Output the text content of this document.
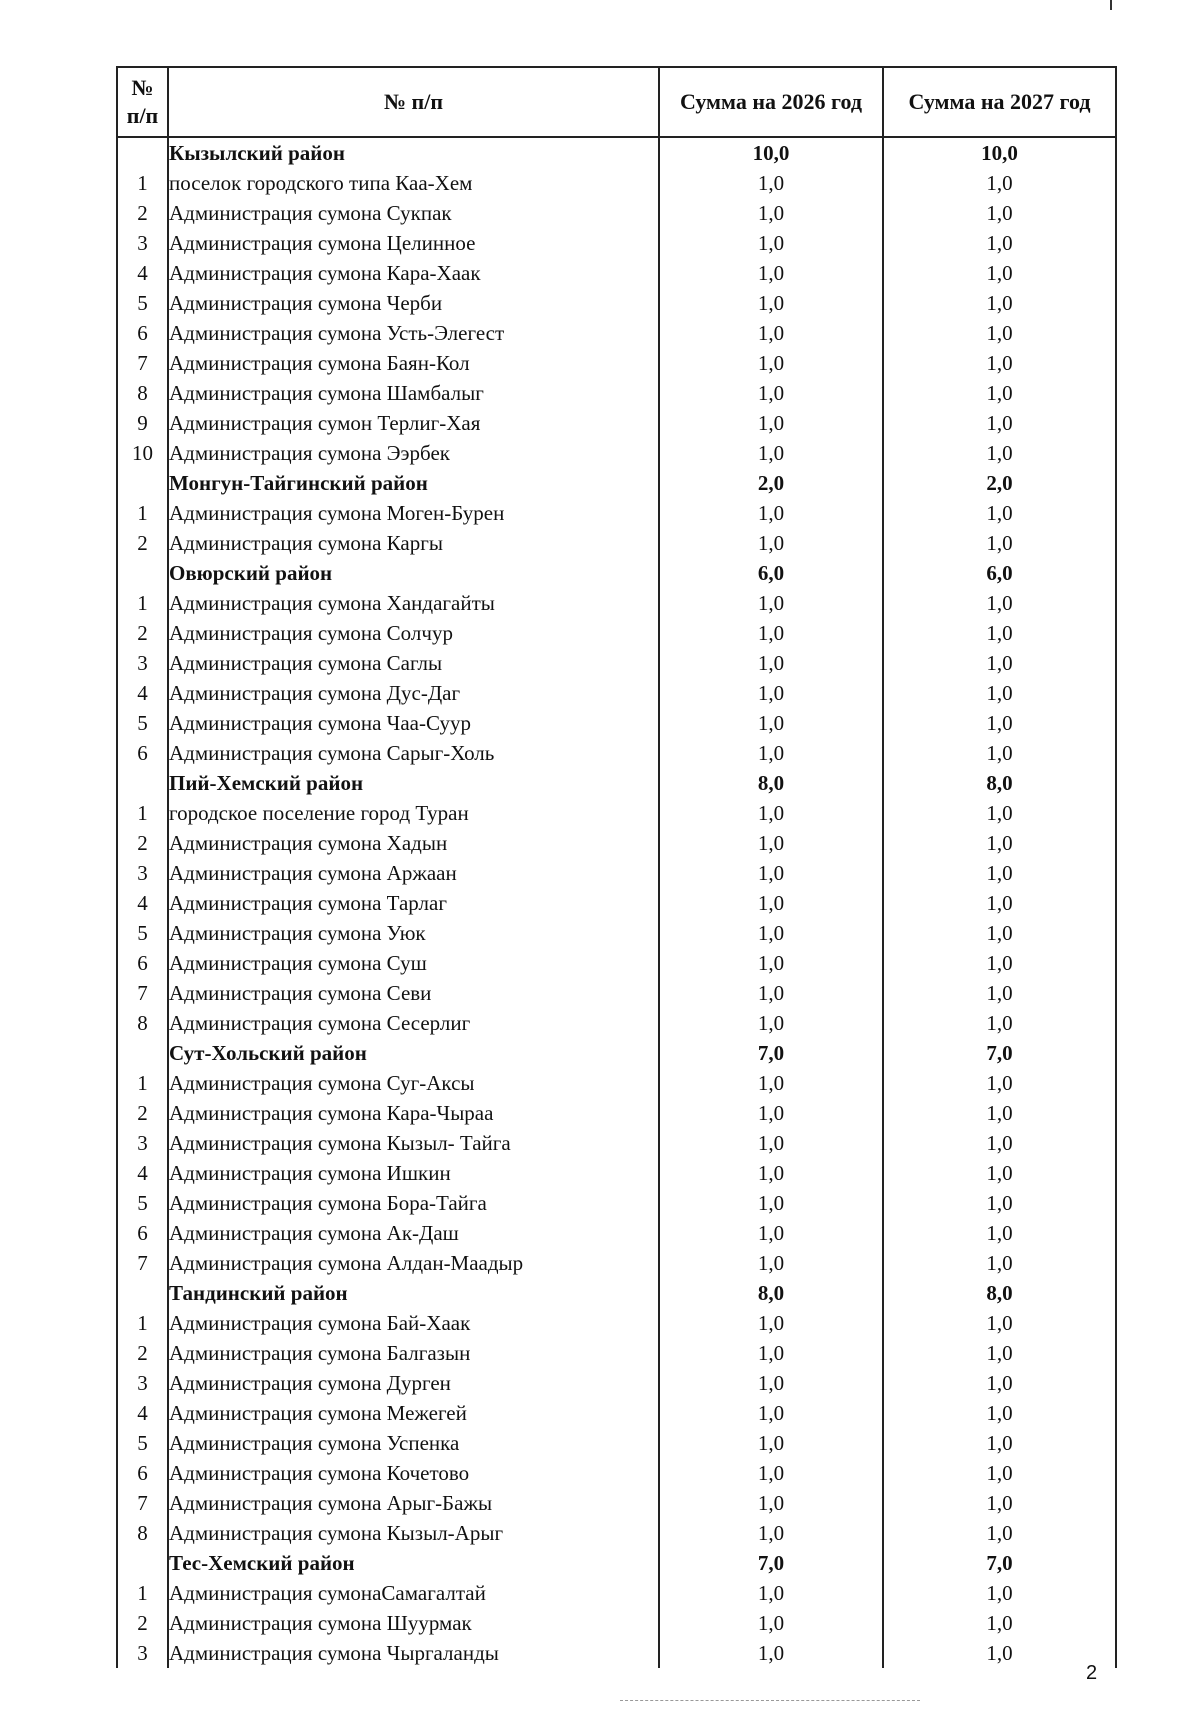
№
п/п	№ п/п	Сумма на 2026 год	Сумма на 2027 год
	Кызылский район	10,0	10,0
1	поселок городского типа Каа-Хем	1,0	1,0
2	Администрация сумона Сукпак	1,0	1,0
3	Администрация сумона Целинное	1,0	1,0
4	Администрация сумона Кара-Хаак	1,0	1,0
5	Администрация сумона Черби	1,0	1,0
6	Администрация сумона Усть-Элегест	1,0	1,0
7	Администрация сумона Баян-Кол	1,0	1,0
8	Администрация сумона Шамбалыг	1,0	1,0
9	Администрация сумон Терлиг-Хая	1,0	1,0
10	Администрация сумона Ээрбек	1,0	1,0
	Монгун-Тайгинский район	2,0	2,0
1	Администрация сумона Моген-Бурен	1,0	1,0
2	Администрация сумона Каргы	1,0	1,0
	Овюрский район	6,0	6,0
1	Администрация сумона Хандагайты	1,0	1,0
2	Администрация сумона Солчур	1,0	1,0
3	Администрация сумона Саглы	1,0	1,0
4	Администрация сумона Дус-Даг	1,0	1,0
5	Администрация сумона Чаа-Суур	1,0	1,0
6	Администрация сумона Сарыг-Холь	1,0	1,0
	Пий-Хемский район	8,0	8,0
1	городское поселение город Туран	1,0	1,0
2	Администрация сумона Хадын	1,0	1,0
3	Администрация сумона Аржаан	1,0	1,0
4	Администрация сумона Тарлаг	1,0	1,0
5	Администрация сумона Уюк	1,0	1,0
6	Администрация сумона Суш	1,0	1,0
7	Администрация сумона Севи	1,0	1,0
8	Администрация сумона Сесерлиг	1,0	1,0
	Сут-Хольский район	7,0	7,0
1	Администрация сумона Суг-Аксы	1,0	1,0
2	Администрация сумона Кара-Чыраа	1,0	1,0
3	Администрация сумона Кызыл- Тайга	1,0	1,0
4	Администрация сумона Ишкин	1,0	1,0
5	Администрация сумона Бора-Тайга	1,0	1,0
6	Администрация сумона Ак-Даш	1,0	1,0
7	Администрация сумона Алдан-Маадыр	1,0	1,0
	Тандинский район	8,0	8,0
1	Администрация сумона Бай-Хаак	1,0	1,0
2	Администрация сумона Балгазын	1,0	1,0
3	Администрация сумона Дурген	1,0	1,0
4	Администрация сумона Межегей	1,0	1,0
5	Администрация сумона Успенка	1,0	1,0
6	Администрация сумона Кочетово	1,0	1,0
7	Администрация сумона Арыг-Бажы	1,0	1,0
8	Администрация сумона Кызыл-Арыг	1,0	1,0
	Тес-Хемский район	7,0	7,0
1	Администрация сумонаСамагалтай	1,0	1,0
2	Администрация сумона Шуурмак	1,0	1,0
3	Администрация сумона Чыргаланды	1,0	1,0
2
